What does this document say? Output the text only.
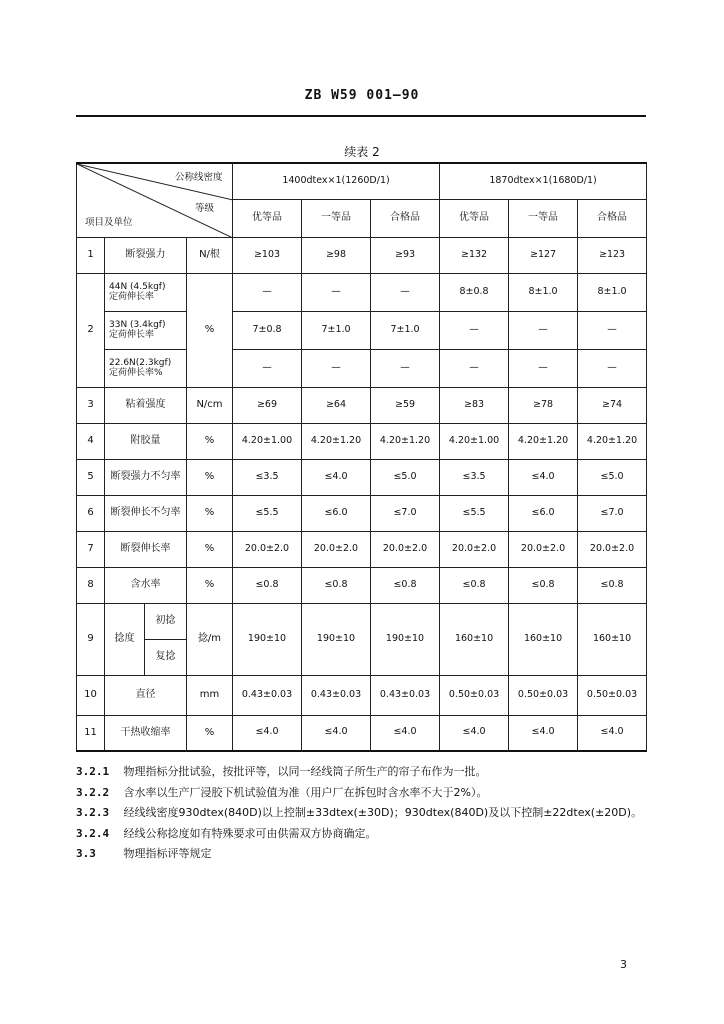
ZB W59 001—90
续表 2
公称线密度
等级
项目及单位				1400dtex×1(1260D/1)			1870dtex×1(1680D/1)		
				优等品	一等品	合格品	优等品	一等品	合格品
1	断裂强力		N/根	≥103	≥98	≥93	≥132	≥127	≥123
2	44N (4.5kgf)
定荷伸长率		%	—	—	—	8±0.8	8±1.0	8±1.0

	33N (3.4kgf)
定荷伸长率			7±0.8	7±1.0	7±1.0	—	—	—

	22.6N(2.3kgf)
定荷伸长率%			—	—	—	—	—	—
3	粘着强度		N/cm	≥69	≥64	≥59	≥83	≥78	≥74
4	附胶量		%	4.20±1.00	4.20±1.20	4.20±1.20	4.20±1.00	4.20±1.20	4.20±1.20
5	断裂强力不匀率		%	≤3.5	≤4.0	≤5.0	≤3.5	≤4.0	≤5.0
6	断裂伸长不匀率		%	≤5.5	≤6.0	≤7.0	≤5.5	≤6.0	≤7.0
7	断裂伸长率		%	20.0±2.0	20.0±2.0	20.0±2.0	20.0±2.0	20.0±2.0	20.0±2.0
8	含水率		%	≤0.8	≤0.8	≤0.8	≤0.8	≤0.8	≤0.8
9	捻度	初捻	捻/m	190±10	190±10	190±10	160±10	160±10	160±10
		复捻							
10	直径		mm	0.43±0.03	0.43±0.03	0.43±0.03	0.50±0.03	0.50±0.03	0.50±0.03
11	干热收缩率		%	≤4.0	≤4.0	≤4.0	≤4.0	≤4.0	≤4.0

3.2.1 物理指标分批试验，按批评等，以同一经线筒子所生产的帘子布作为一批。

3.2.2 含水率以生产厂浸胶下机试验值为准（用户厂在拆包时含水率不大于2%）。

3.2.3 经线线密度930dtex(840D)以上控制±33dtex(±30D)；930dtex(840D)及以下控制±22dtex(±20D)。

3.2.4 经线公称捻度如有特殊要求可由供需双方协商确定。

3.3	物理指标评等规定

3
